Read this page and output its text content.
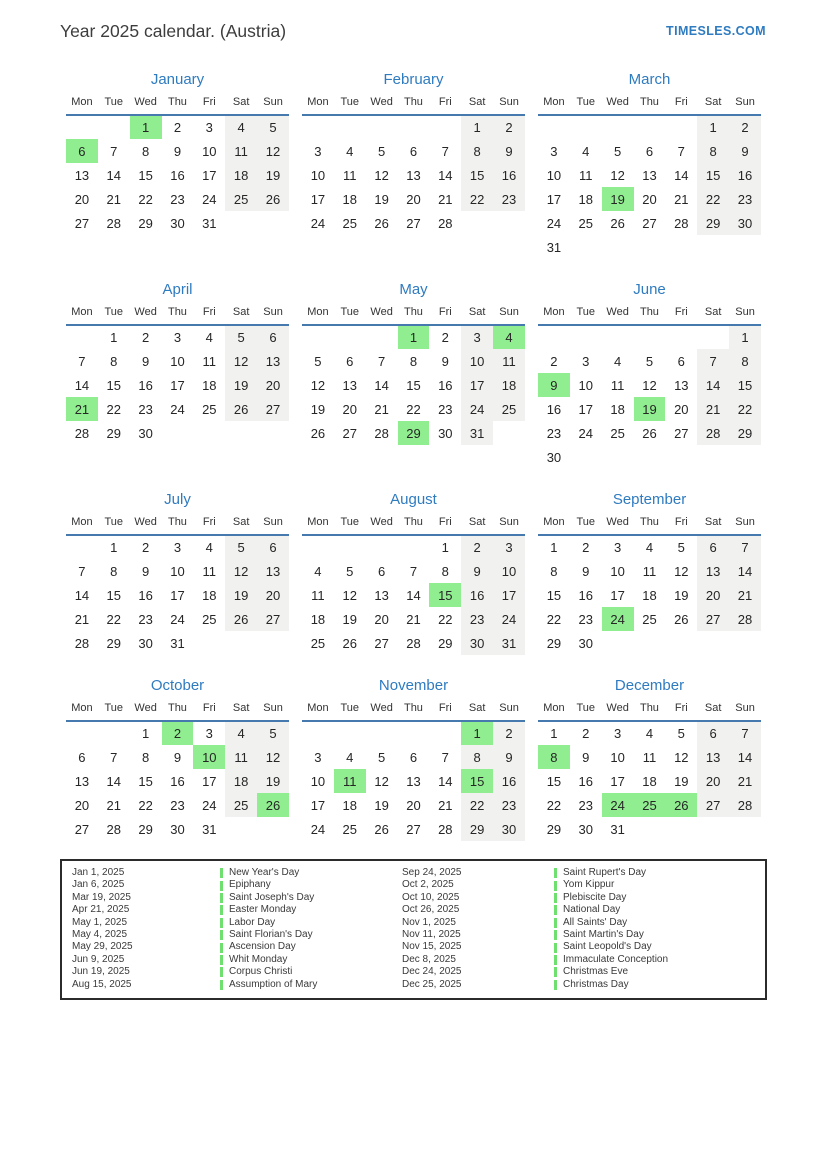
Year 2025 calendar. (Austria)	TIMESLES.COM
January
Mon	Tue	Wed	Thu	Fri	Sat	Sun
		1	2	3	4	5
6	7	8	9	10	11	12
13	14	15	16	17	18	19
20	21	22	23	24	25	26
27	28	29	30	31		
February
Mon	Tue	Wed	Thu	Fri	Sat	Sun
					1	2
3	4	5	6	7	8	9
10	11	12	13	14	15	16
17	18	19	20	21	22	23
24	25	26	27	28		
March
Mon	Tue	Wed	Thu	Fri	Sat	Sun
					1	2
3	4	5	6	7	8	9
10	11	12	13	14	15	16
17	18	19	20	21	22	23
24	25	26	27	28	29	30
31						
April
Mon	Tue	Wed	Thu	Fri	Sat	Sun
	1	2	3	4	5	6
7	8	9	10	11	12	13
14	15	16	17	18	19	20
21	22	23	24	25	26	27
28	29	30				
May
Mon	Tue	Wed	Thu	Fri	Sat	Sun
			1	2	3	4
5	6	7	8	9	10	11
12	13	14	15	16	17	18
19	20	21	22	23	24	25
26	27	28	29	30	31	
June
Mon	Tue	Wed	Thu	Fri	Sat	Sun
						1
2	3	4	5	6	7	8
9	10	11	12	13	14	15
16	17	18	19	20	21	22
23	24	25	26	27	28	29
30						
July
Mon	Tue	Wed	Thu	Fri	Sat	Sun
	1	2	3	4	5	6
7	8	9	10	11	12	13
14	15	16	17	18	19	20
21	22	23	24	25	26	27
28	29	30	31			
August
Mon	Tue	Wed	Thu	Fri	Sat	Sun
				1	2	3
4	5	6	7	8	9	10
11	12	13	14	15	16	17
18	19	20	21	22	23	24
25	26	27	28	29	30	31
September
Mon	Tue	Wed	Thu	Fri	Sat	Sun
1	2	3	4	5	6	7
8	9	10	11	12	13	14
15	16	17	18	19	20	21
22	23	24	25	26	27	28
29	30					
October
Mon	Tue	Wed	Thu	Fri	Sat	Sun
		1	2	3	4	5
6	7	8	9	10	11	12
13	14	15	16	17	18	19
20	21	22	23	24	25	26
27	28	29	30	31		
November
Mon	Tue	Wed	Thu	Fri	Sat	Sun
					1	2
3	4	5	6	7	8	9
10	11	12	13	14	15	16
17	18	19	20	21	22	23
24	25	26	27	28	29	30
December
Mon	Tue	Wed	Thu	Fri	Sat	Sun
1	2	3	4	5	6	7
8	9	10	11	12	13	14
15	16	17	18	19	20	21
22	23	24	25	26	27	28
29	30	31				
Jan 1, 2025	New Year's Day	Sep 24, 2025	Saint Rupert's Day
Jan 6, 2025	Epiphany	Oct 2, 2025	Yom Kippur
Mar 19, 2025	Saint Joseph's Day	Oct 10, 2025	Plebiscite Day
Apr 21, 2025	Easter Monday	Oct 26, 2025	National Day
May 1, 2025	Labor Day	Nov 1, 2025	All Saints' Day
May 4, 2025	Saint Florian's Day	Nov 11, 2025	Saint Martin's Day
May 29, 2025	Ascension Day	Nov 15, 2025	Saint Leopold's Day
Jun 9, 2025	Whit Monday	Dec 8, 2025	Immaculate Conception
Jun 19, 2025	Corpus Christi	Dec 24, 2025	Christmas Eve
Aug 15, 2025	Assumption of Mary	Dec 25, 2025	Christmas Day
